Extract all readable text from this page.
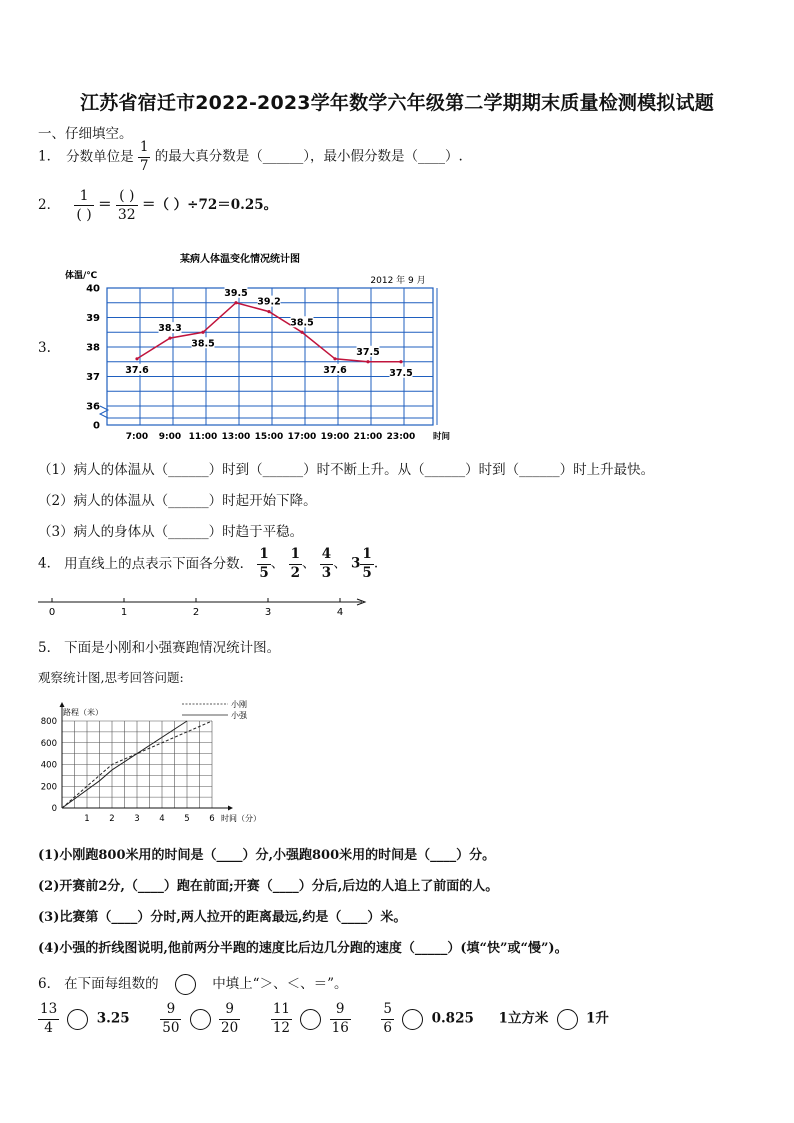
江苏省宿迁市2022-2023学年数学六年级第二学期期末质量检测模拟试题
一、仔细填空。
1． 分数单位是 $\frac{1}{7}$ 的最大真分数是（______），最小假分数是（____）.
2． $\frac{1}{( )} = \frac{( )}{32}$ ＝（ ）÷72＝0.25。
3.
某病人体温变化情况统计图
2012 年 9 月
体温/℃
40
39
38
37
36
0
7:00 9:00 11:00 13:00 15:00 17:00 19:00 21:00 23:00 时间
37.6
38.3
38.5
39.5
39.2
38.5
37.6
37.5
37.5
（1）病人的体温从（______）时到（______）时不断上升。从（______）时到（______）时上升最快。
（2）病人的体温从（______）时起开始下降。
（3）病人的身体从（______）时趋于平稳。
4． 用直线上的点表示下面各分数． $\frac{1}{5}$ 、 $\frac{1}{2}$ 、 $\frac{4}{3}$ 、 $3 \frac{1}{5}$ .
0	1	2	3	4
5． 下面是小刚和小强赛跑情况统计图。
观察统计图,思考回答问题:
路程（米）
小刚
小强
800
600
400
200
0
1 2 3 4 5 6 时间（分）
(1)小刚跑800米用的时间是（____）分,小强跑800米用的时间是（____）分。
(2)开赛前2分,（____）跑在前面;开赛（____）分后,后边的人追上了前面的人。
(3)比赛第（____）分时,两人拉开的距离最远,约是（____）米。
(4)小强的折线图说明,他前两分半跑的速度比后边几分跑的速度（_____）(填“快”或“慢”)。
6． 在下面每组数的	中填上“＞、＜、＝”。
$\frac{13}{4}$	$3.25 \frac{9}{50}$
	$\frac{9}{20}$
$\frac{11}{12}$
	$\frac{9}{16}$
$\frac{5}{6}$	0.825 1立方米	1升
